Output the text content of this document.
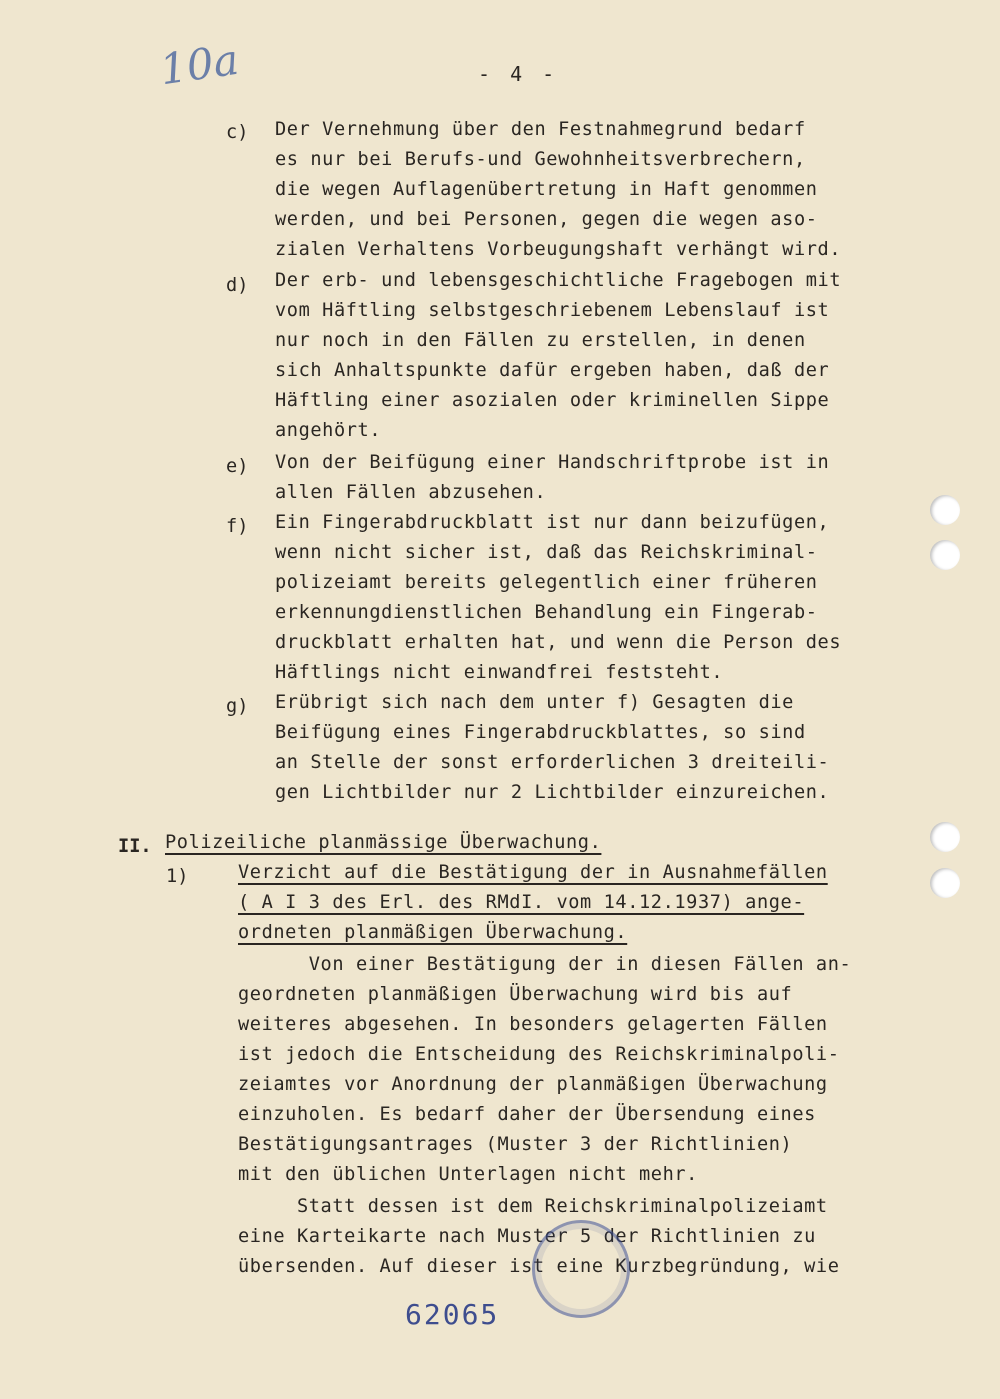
10a	- 4 -
c) Der Vernehmung über den Festnahmegrund bedarf
es nur bei Berufs-und Gewohnheitsverbrechern,
die wegen Auflagenübertretung in Haft genommen
werden, und bei Personen, gegen die wegen aso-
zialen Verhaltens Vorbeugungshaft verhängt wird.
d) Der erb- und lebensgeschichtliche Fragebogen mit
vom Häftling selbstgeschriebenem Lebenslauf ist
nur noch in den Fällen zu erstellen, in denen
sich Anhaltspunkte dafür ergeben haben, daß der
Häftling einer asozialen oder kriminellen Sippe
angehört.
e) Von der Beifügung einer Handschriftprobe ist in
allen Fällen abzusehen.
f) Ein Fingerabdruckblatt ist nur dann beizufügen,
wenn nicht sicher ist, daß das Reichskriminal-
polizeiamt bereits gelegentlich einer früheren
erkennungdienstlichen Behandlung ein Fingerab-
druckblatt erhalten hat, und wenn die Person des
Häftlings nicht einwandfrei feststeht.
g) Erübrigt sich nach dem unter f) Gesagten die
Beifügung eines Fingerabdruckblattes, so sind
an Stelle der sonst erforderlichen 3 dreiteili-
gen Lichtbilder nur 2 Lichtbilder einzureichen.
II. Polizeiliche planmässige Überwachung.
1)	Verzicht auf die Bestätigung der in Ausnahmefällen
( A I 3 des Erl. des RMdI. vom 14.12.1937) ange-
ordneten planmäßigen Überwachung.
Von einer Bestätigung der in diesen Fällen an-
geordneten planmäßigen Überwachung wird bis auf
weiteres abgesehen. In besonders gelagerten Fällen
ist jedoch die Entscheidung des Reichskriminalpoli-
zeiamtes vor Anordnung der planmäßigen Überwachung
einzuholen. Es bedarf daher der Übersendung eines
Bestätigungsantrages (Muster 3 der Richtlinien)
mit den üblichen Unterlagen nicht mehr.
Statt dessen ist dem Reichskriminalpolizeiamt
eine Karteikarte nach Muster 5 der Richtlinien zu
übersenden. Auf dieser ist eine Kurzbegründung, wie
62065
